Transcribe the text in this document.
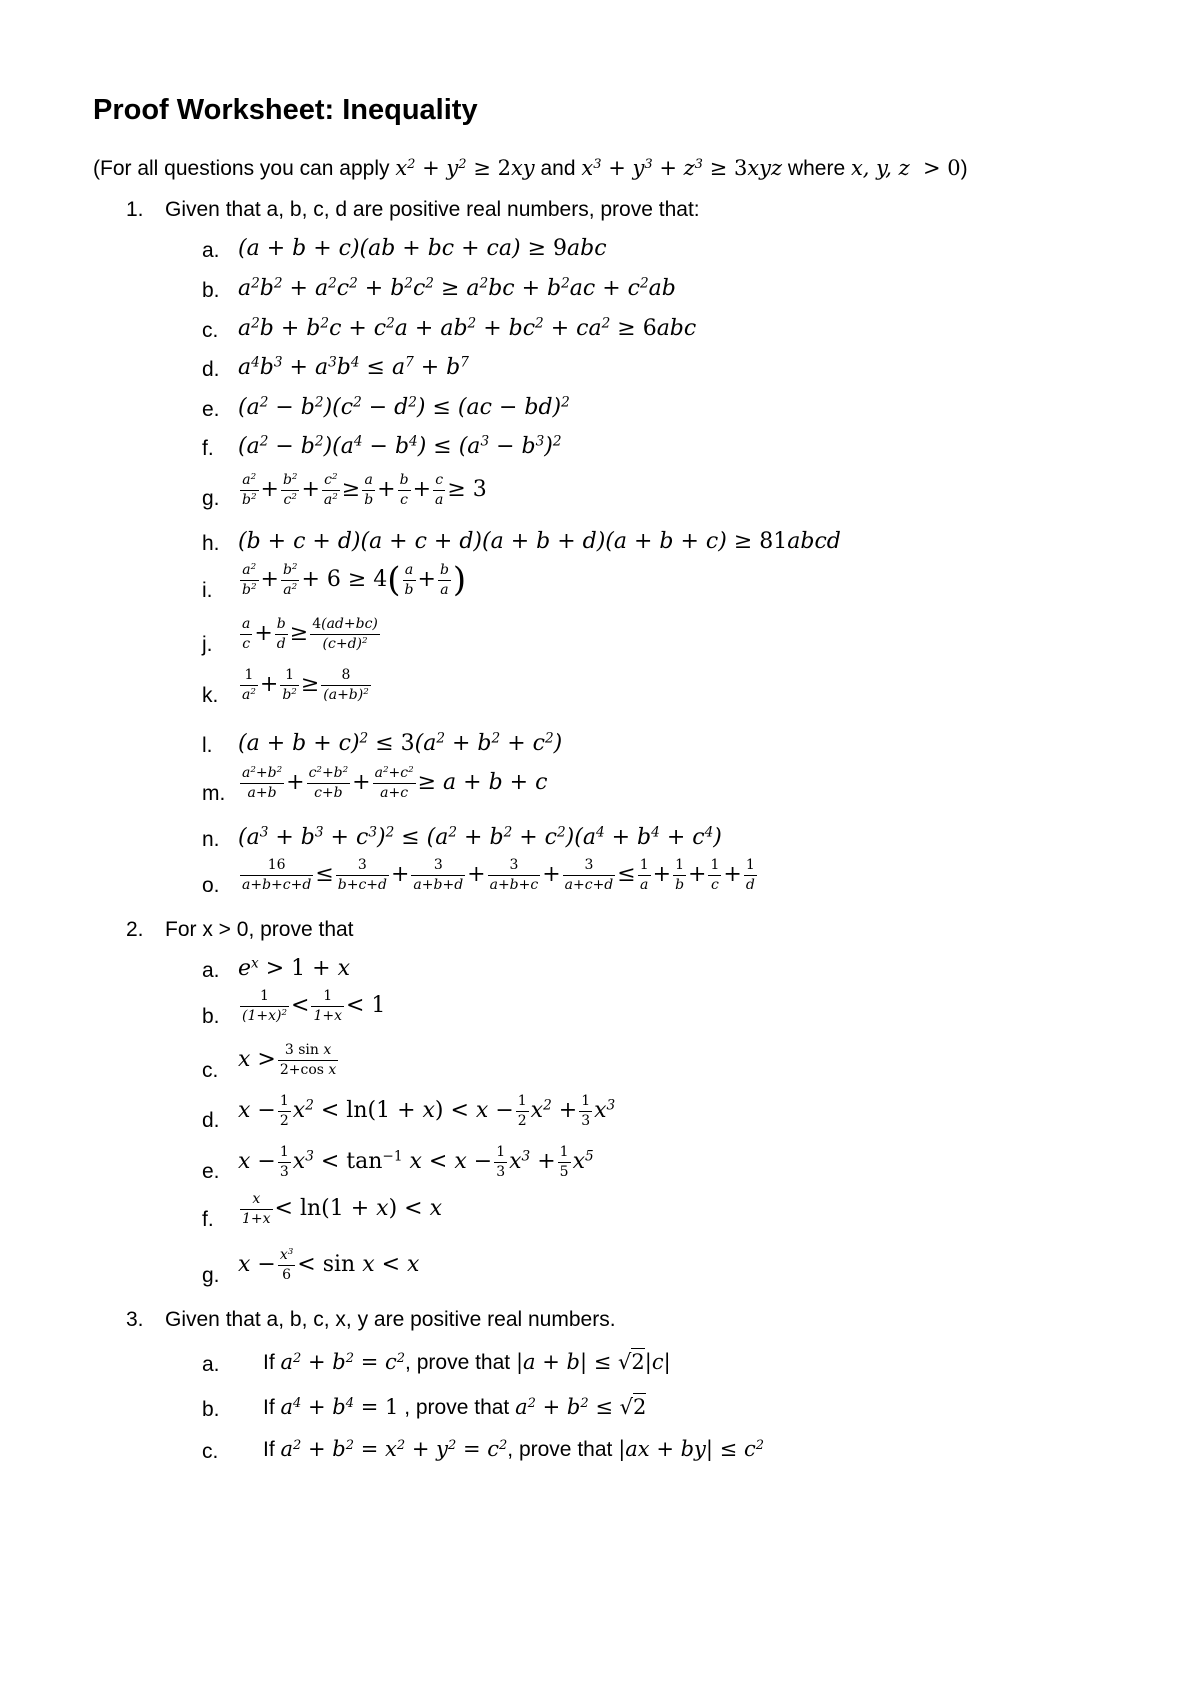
Proof Worksheet: Inequality
(For all questions you can apply $x^2 + y^2 \ge 2xy$ and $x^3 + y^3 + z^3 \ge 3xyz$ where x, y, z  > 0)
1. Given that a, b, c, d are positive real numbers, prove that:
a. (a + b + c)(ab + bc + ca) ≥ 9abc
b. $a^2b^2 + a^2c^2 + b^2c^2 \ge a^2bc + b^2ac + c^2ab$
c. $a^2b + b^2c + c^2a + ab^2 + bc^2 + ca^2 \ge 6abc$
d. $a^4b^3 + a^3b^4 \le a^7 + b^7$
e. $(a^2 - b^2)(c^2 - d^2) \le (ac - bd)^2$
f. $(a^2 - b^2)(a^4 - b^4) \le (a^3 - b^3)^2$
g. $\frac{a^2}{b^2} + \frac{b^2}{c^2} + \frac{c^2}{a^2} \ge \frac{a}{b} + \frac{b}{c} + \frac{c}{a} \ge 3$
h. (b + c + d)(a + c + d)(a + b + d)(a + b + c) ≥ 81abcd
i. $\frac{a^2}{b^2} + \frac{b^2}{a^2} + 6 \ge 4( \frac{a}{b} + \frac{b}{a}$ )
j. $\frac{a}{c} + \frac{b}{d} \ge \frac{4(ad+bc)}{(c+d)^2}$
k. $\frac{1}{a^2} + \frac{1}{b^2} \ge \frac{8}{(a+b)^2}$
l. $(a + b + c)^2 \le 3(a^2 + b^2 + c^2)$
m. $\frac{a^2+b^2}{a+b} + \frac{c^2+b^2}{c+b} + \frac{a^2+c^2}{a+c} \ge a + b + c$
n. $(a^3 + b^3 + c^3)^2 \le (a^2 + b^2 + c^2)(a^4 + b^4 + c^4)$
o. $\frac{16}{a+b+c+d} \le \frac{3}{b+c+d} + \frac{3}{a+b+d} + \frac{3}{a+b+c} + \frac{3}{a+c+d} \le \frac{1}{a} + \frac{1}{b} + \frac{1}{c} + \frac{1}{d}$
2. For x > 0, prove that
a. $e^x > 1 + x$
b. $\frac{1}{(1+x)^2} < \frac{1}{1+x} < 1$
c. $x > \frac{\text{3 sin x}}{\text{2+cos x}}$
d. $x - \frac{1}{2} x^2 < \ln(1 + x) < x - \frac{1}{2} x^2 + \frac{1}{3} x^3$
e. $x - \frac{1}{3} x^3 < \tan^{-1} x < x - \frac{1}{3} x^3 + \frac{1}{5} x^5$
f. $\frac{x}{1+x} < \ln(1 + x) < x$
g. $x - \frac{x^3}{6} < \sin x < x$
3. Given that a, b, c, x, y are positive real numbers.
a. If $a^2 + b^2 = c^2$, prove that |a + b| ≤ √2|c|
b. If $a^4 + b^4 = 1$ , prove that $a^2 + b^2 \le √2$
c. If $a^2 + b^2 = x^2 + y^2 = c^2$, prove that $|ax + by| \le c^2$
